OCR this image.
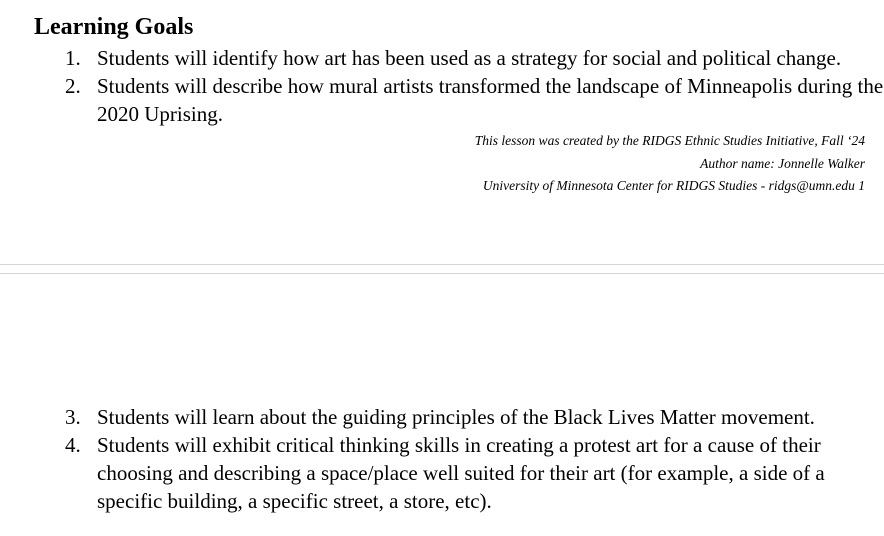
Learning Goals
1. Students will identify how art has been used as a strategy for social and political change.
2. Students will describe how mural artists transformed the landscape of Minneapolis during the 2020 Uprising.
This lesson was created by the RIDGS Ethnic Studies Initiative, Fall ‘24
Author name: Jonnelle Walker
University of Minnesota Center for RIDGS Studies - ridgs@umn.edu 1
3. Students will learn about the guiding principles of the Black Lives Matter movement.
4. Students will exhibit critical thinking skills in creating a protest art for a cause of their choosing and describing a space/place well suited for their art (for example, a side of a specific building, a specific street, a store, etc).
